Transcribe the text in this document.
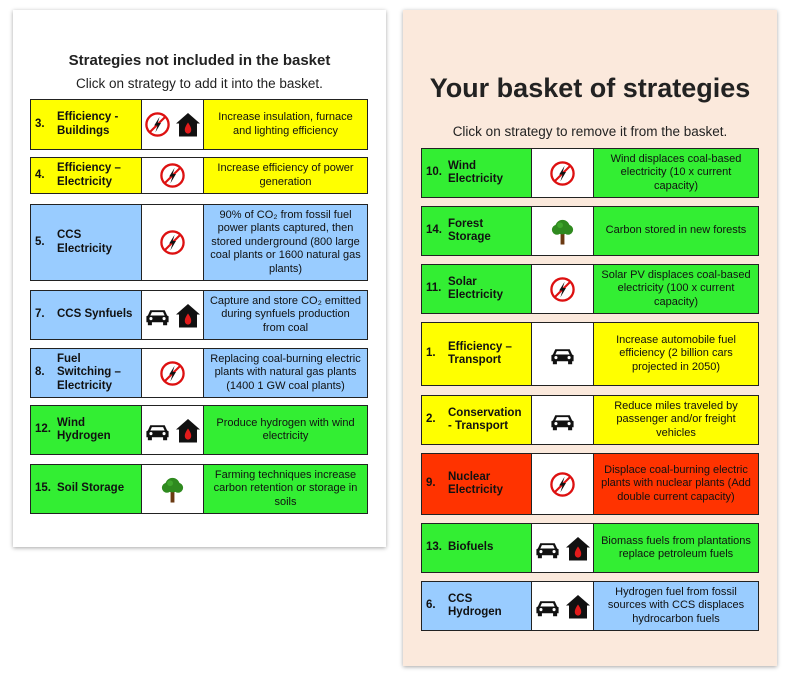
Strategies not included in the basket
Click on strategy to add it into the basket.
3.
Efficiency - Buildings
Increase insulation, furnace and lighting efficiency
4.
Efficiency – Electricity
Increase efficiency of power generation
5.
CCS Electricity
90% of CO₂ from fossil fuel power plants captured, then stored underground (800 large coal plants or 1600 natural gas plants)
7.	CCS Synfuels
Capture and store CO₂ emitted during synfuels production from coal
8.
Fuel Switching – Electricity
Replacing coal-burning electric plants with natural gas plants (1400 1 GW coal plants)
12.
Wind Hydrogen
Produce hydrogen with wind electricity
15. Soil Storage
Farming techniques increase carbon retention or storage in soils
Your basket of strategies
Click on strategy to remove it from the basket.
10.
Wind Electricity
Wind displaces coal-based electricity (10 x current capacity)
14.
Forest Storage
Carbon stored in new forests
11.
Solar Electricity
Solar PV displaces coal-based electricity (100 x current capacity)
1.
Efficiency – Transport
Increase automobile fuel efficiency (2 billion cars projected in 2050)
2.
Conservation - Transport
Reduce miles traveled by passenger and/or freight vehicles
9.
Nuclear Electricity
Displace coal-burning electric plants with nuclear plants (Add double current capacity)
13. Biofuels
Biomass fuels from plantations replace petroleum fuels
6.
CCS Hydrogen
Hydrogen fuel from fossil sources with CCS displaces hydrocarbon fuels
